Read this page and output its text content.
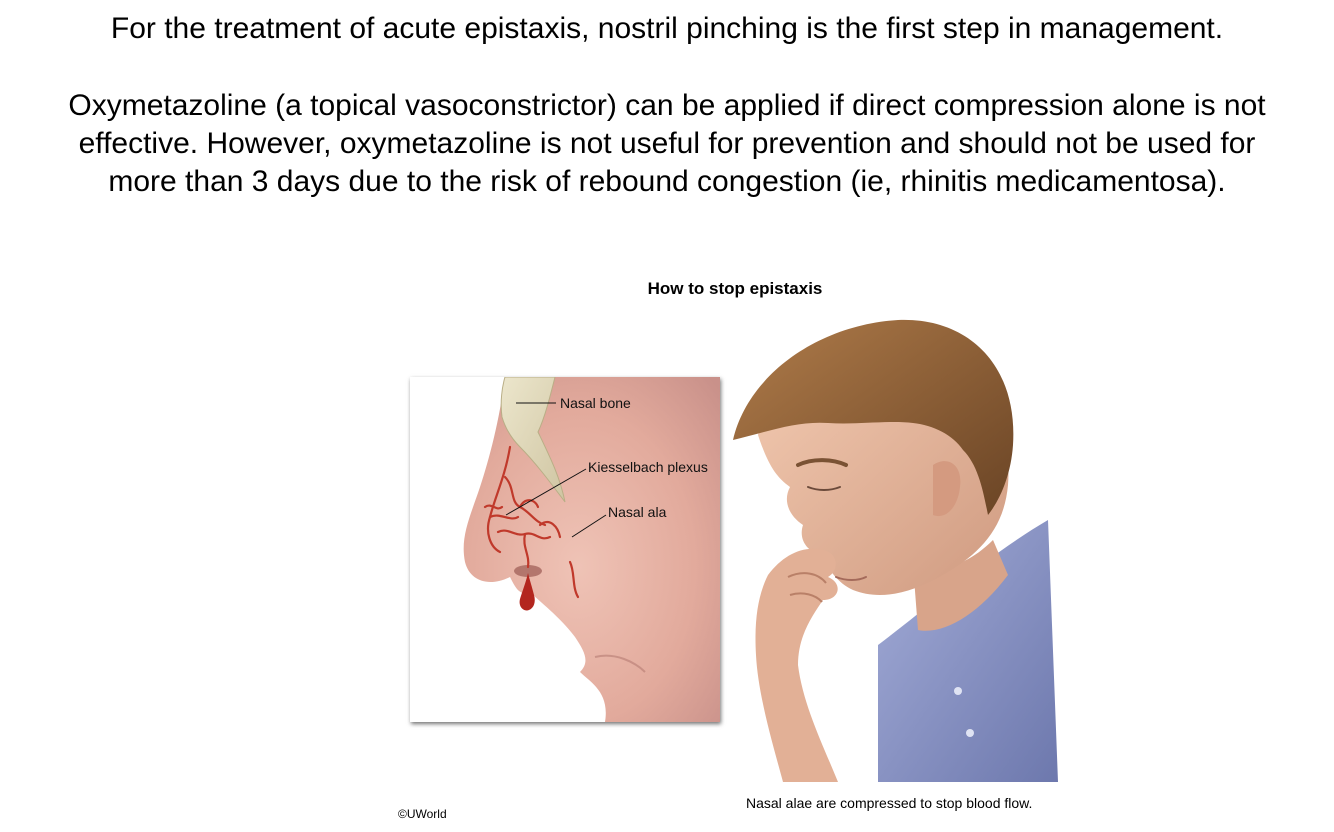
For the treatment of acute epistaxis, nostril pinching is the first step in management.

Oxymetazoline (a topical vasoconstrictor) can be applied if direct compression alone is not
effective. However, oxymetazoline is not useful for prevention and should not be used for
more than 3 days due to the risk of rebound congestion (ie, rhinitis medicamentosa).

How to stop epistaxis
Nasal bone
Kiesselbach plexus
Nasal ala
Nasal alae are compressed to stop blood flow.
©UWorld
